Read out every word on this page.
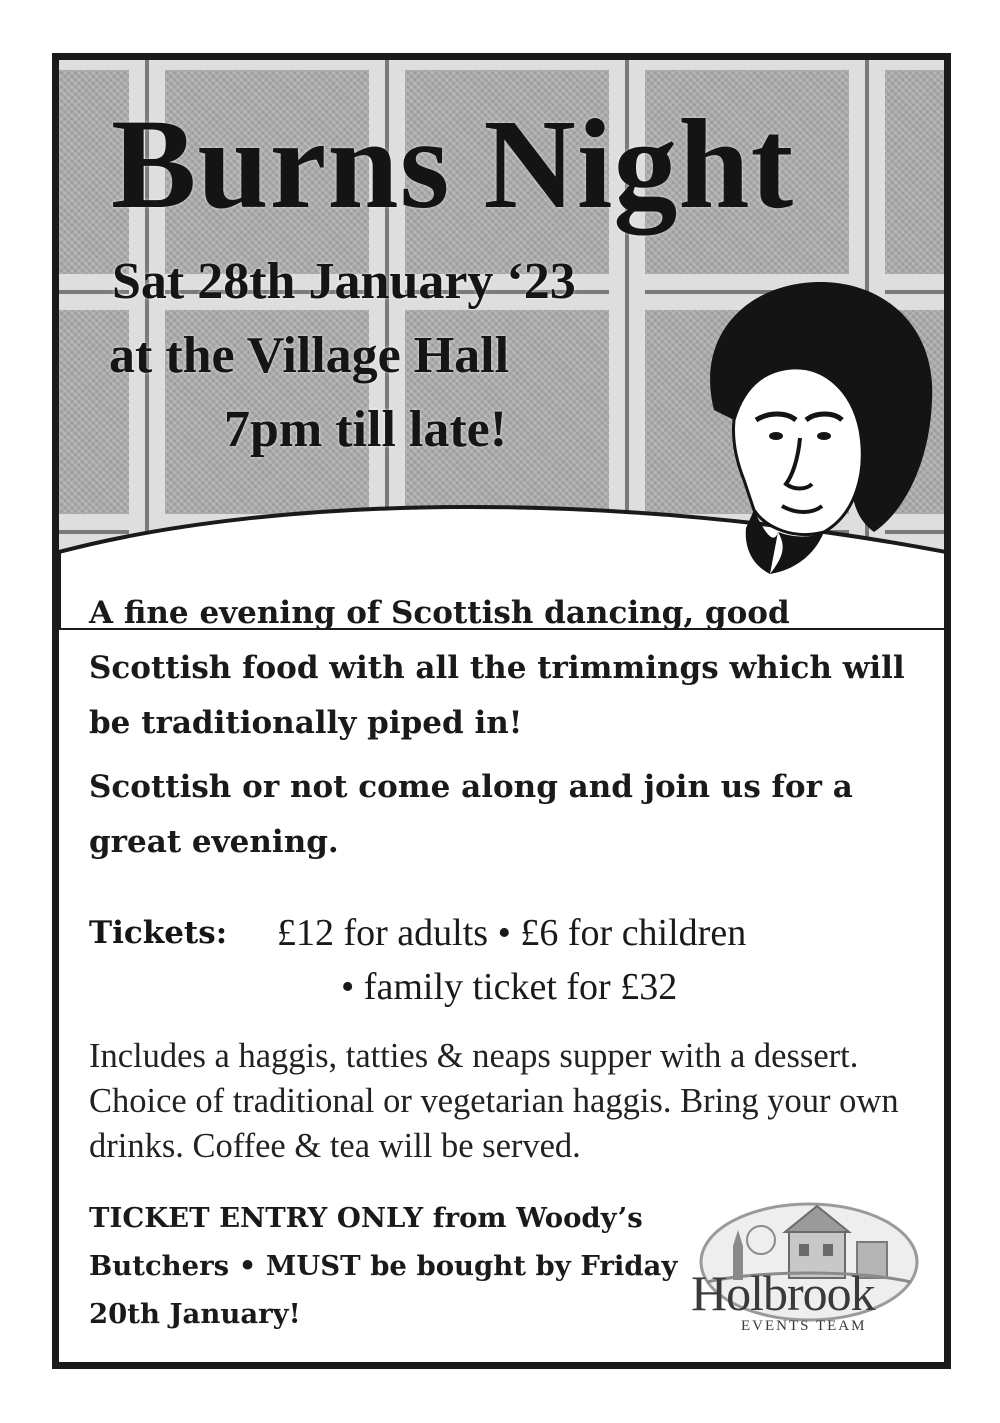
Burns Night
Sat 28th January ‘23
at the Village Hall
7pm till late!
A fine evening of Scottish dancing, good Scottish food with all the trimmings which will be traditionally piped in!
Scottish or not come along and join us for a great evening.
Tickets: £12 for adults • £6 for children
• family ticket for £32
Includes a haggis, tatties & neaps supper with a dessert. Choice of traditional or vegetarian haggis. Bring your own drinks. Coffee & tea will be served.
TICKET ENTRY ONLY from Woody’s Butchers • MUST be bought by Friday 20th January!	Holbrook
EVENTS TEAM
